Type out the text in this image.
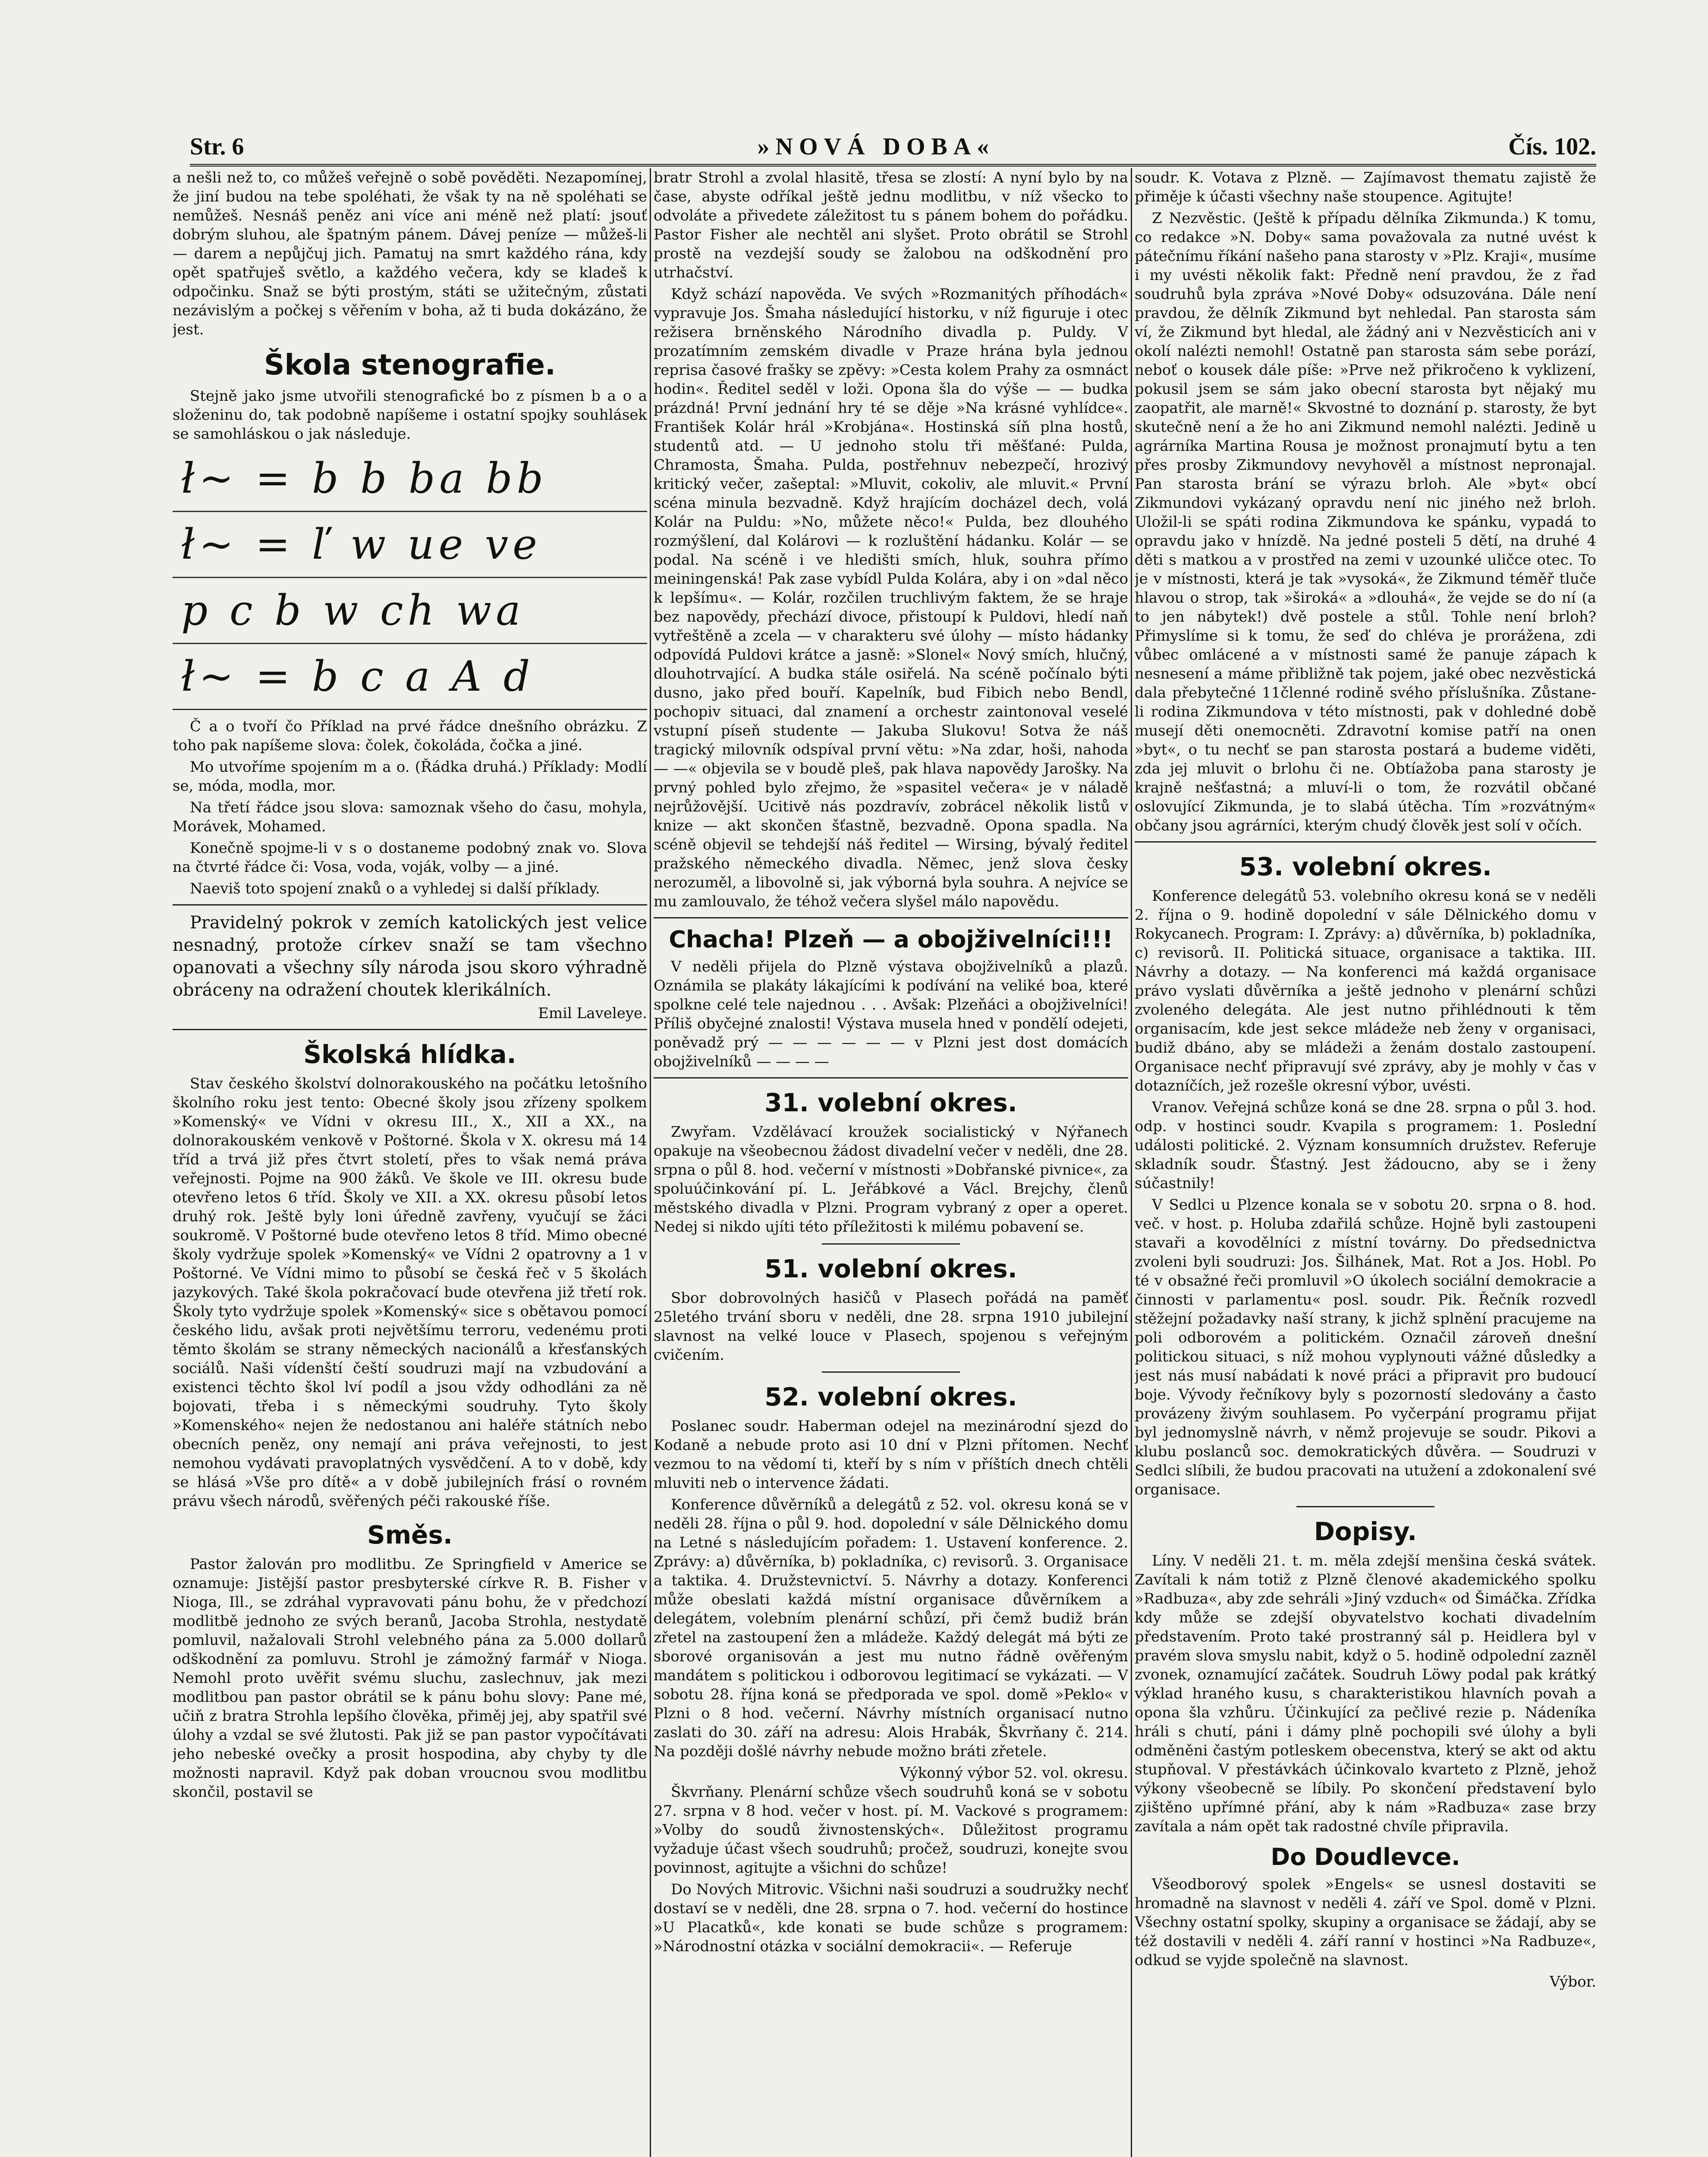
Str. 6	»NOVÁ DOBA«	Čís. 102.

a nešli než to, co můžeš veřejně o sobě pověděti. Nezapomínej, že jiní budou na tebe spoléhati, že však ty na ně spoléhati se nemůžeš. Nesnáš peněz ani více ani méně než platí: jsouť dobrým sluhou, ale špatným pánem. Dávej peníze — můžeš-li — darem a nepůjčuj jich. Pamatuj na smrt každého rána, kdy opět spatřuješ světlo, a každého večera, kdy se kladeš k odpočinku. Snaž se býti prostým, státi se užitečným, zůstati nezávislým a počkej s věřením v boha, až ti buda dokázáno, že jest.

Škola stenografie.

Stejně jako jsme utvořili stenografické bo z písmen b a o a složeninu do, tak podobně napíšeme i ostatní spojky souhlásek se samohláskou o jak následuje.

ł~ = b b ba bb
ł~ = ľ w ue ve
p c b w ch wa
ł~ = b c a A d

Č a o tvoří čo Příklad na prvé řádce dnešního obrázku. Z toho pak napíšeme slova: čolek, čokoláda, čočka a jiné.

Mo utvoříme spojením m a o. (Řádka druhá.) Příklady: Modlí se, móda, modla, mor.

Na třetí řádce jsou slova: samoznak všeho do času, mohyla, Morávek, Mohamed.

Konečně spojme-li v s o dostaneme podobný znak vo. Slova na čtvrté řádce či: Vosa, voda, voják, volby — a jiné.

Naeviš toto spojení znaků o a vyhledej si další příklady.

Pravidelný pokrok v zemích katolických jest velice nesnadný, protože církev snaží se tam všechno opanovati a všechny síly národa jsou skoro výhradně obráceny na odražení choutek klerikálních.

Emil Laveleye.
Školská hlídka.

Stav českého školství dolnorakouského na počátku letošního školního roku jest tento: Obecné školy jsou zřízeny spolkem »Komenský« ve Vídni v okresu III., X., XII a XX., na dolnorakouském venkově v Poštorné. Škola v X. okresu má 14 tříd a trvá již přes čtvrt století, přes to však nemá práva veřejnosti. Pojme na 900 žáků. Ve škole ve III. okresu bude otevřeno letos 6 tříd. Školy ve XII. a XX. okresu působí letos druhý rok. Ještě byly loni úředně zavřeny, vyučují se žáci soukromě. V Poštorné bude otevřeno letos 8 tříd. Mimo obecné školy vydržuje spolek »Komenský« ve Vídni 2 opatrovny a 1 v Poštorné. Ve Vídni mimo to působí se česká řeč v 5 školách jazykových. Také škola pokračovací bude otevřena již třetí rok. Školy tyto vydržuje spolek »Komenský« sice s obětavou pomocí českého lidu, avšak proti největšímu terroru, vedenému proti těmto školám se strany německých nacionálů a křesťanských sociálů. Naši vídenští čeští soudruzi mají na vzbudování a existenci těchto škol lví podíl a jsou vždy odhodláni za ně bojovati, třeba i s německými soudruhy. Tyto školy »Komenského« nejen že nedostanou ani haléře státních nebo obecních peněz, ony nemají ani práva veřejnosti, to jest nemohou vydávati pravoplatných vysvědčení. A to v době, kdy se hlásá »Vše pro dítě« a v době jubilejních frásí o rovném právu všech národů, svěřených péči rakouské říše.

Směs.

Pastor žalován pro modlitbu. Ze Springfield v Americe se oznamuje: Jistější pastor presbyterské církve R. B. Fisher v Nioga, Ill., se zdráhal vypravovati pánu bohu, že v předchozí modlitbě jednoho ze svých beranů, Jacoba Strohla, nestydatě pomluvil, nažalovali Strohl velebného pána za 5.000 dollarů odškodnění za pomluvu. Strohl je zámožný farmář v Nioga. Nemohl proto uvěřit svému sluchu, zaslechnuv, jak mezi modlitbou pan pastor obrátil se k pánu bohu slovy: Pane mé, učiň z bratra Strohla lepšího člověka, přiměj jej, aby spatřil své úlohy a vzdal se své žlutosti. Pak již se pan pastor vypočítávati jeho nebeské ovečky a prosit hospodina, aby chyby ty dle možnosti napravil. Když pak doban vroucnou svou modlitbu skončil, postavil se

bratr Strohl a zvolal hlasitě, třesa se zlostí: A nyní bylo by na čase, abyste odříkal ještě jednu modlitbu, v níž všecko to odvoláte a přivedete záležitost tu s pánem bohem do pořádku. Pastor Fisher ale nechtěl ani slyšet. Proto obrátil se Strohl prostě na vezdejší soudy se žalobou na odškodnění pro utrhačství.

Když schází napověda. Ve svých »Rozmanitých příhodách« vypravuje Jos. Šmaha následující historku, v níž figuruje i otec režisera brněnského Národního divadla p. Puldy. V prozatímním zemském divadle v Praze hrána byla jednou reprisa časové frašky se zpěvy: »Cesta kolem Prahy za osmnáct hodin«. Ředitel seděl v loži. Opona šla do výše — — budka prázdná! První jednání hry té se děje »Na krásné vyhlídce«. František Kolár hrál »Krobjána«. Hostinská síň plna hostů, studentů atd. — U jednoho stolu tři měšťané: Pulda, Chramosta, Šmaha. Pulda, postřehnuv nebezpečí, hrozivý kritický večer, zašeptal: »Mluvit, cokoliv, ale mluvit.« První scéna minula bezvadně. Když hrajícím docházel dech, volá Kolár na Puldu: »No, můžete něco!« Pulda, bez dlouhého rozmýšlení, dal Kolárovi — k rozluštění hádanku. Kolár — se podal. Na scéně i ve hledišti smích, hluk, souhra přímo meiningenská! Pak zase vybídl Pulda Kolára, aby i on »dal něco k lepšímu«. — Kolár, rozčilen truchlivým faktem, že se hraje bez napovědy, přechází divoce, přistoupí k Puldovi, hledí naň vytřeštěně a zcela — v charakteru své úlohy — místo hádanky odpovídá Puldovi krátce a jasně: »Slonel« Nový smích, hlučný, dlouhotrvající. A budka stále osiřelá. Na scéně počínalo býti dusno, jako před bouří. Kapelník, bud Fibich nebo Bendl, pochopiv situaci, dal znamení a orchestr zaintonoval veselé vstupní píseň studente — Jakuba Slukovu! Sotva že náš tragický milovník odspíval první větu: »Na zdar, hoši, nahoda — —« objevila se v boudě pleš, pak hlava napovědy Jarošky. Na prvný pohled bylo zřejmo, že »spasitel večera« je v náladě nejrůžovější. Ucitivě nás pozdravív, zobrácel několik listů v knize — akt skončen šťastně, bezvadně. Opona spadla. Na scéně objevil se tehdejší náš ředitel — Wirsing, bývalý ředitel pražského německého divadla. Němec, jenž slova česky nerozuměl, a libovolně si, jak výborná byla souhra. A nejvíce se mu zamlouvalo, že téhož večera slyšel málo napovědu.

Chacha! Plzeň — a obojživelníci!!!

V neděli přijela do Plzně výstava obojživelníků a plazů. Oznámila se plakáty lákajícími k podívání na veliké boa, které spolkne celé tele najednou . . . Avšak: Plzeňáci a obojživelníci! Příliš obyčejné znalosti! Výstava musela hned v pondělí odejeti, poněvadž prý — — — — — — v Plzni jest dost domácích obojživelníků — — — —

31. volební okres.

Zwyřam. Vzdělávací kroužek socialistický v Nýřanech opakuje na všeobecnou žádost divadelní večer v neděli, dne 28. srpna o půl 8. hod. večerní v místnosti »Dobřanské pivnice«, za spoluúčinkování pí. L. Jeřábkové a Václ. Brejchy, členů městského divadla v Plzni. Program vybraný z oper a operet. Nedej si nikdo ujíti této příležitosti k milému pobavení se.

51. volební okres.

Sbor dobrovolných hasičů v Plasech pořádá na paměť 25letého trvání sboru v neděli, dne 28. srpna 1910 jubilejní slavnost na velké louce v Plasech, spojenou s veřejným cvičením.

52. volební okres.

Poslanec soudr. Haberman odejel na mezinárodní sjezd do Kodaně a nebude proto asi 10 dní v Plzni přítomen. Nechť vezmou to na vědomí ti, kteří by s ním v příštích dnech chtěli mluviti neb o intervence žádati.

Konference důvěrníků a delegátů z 52. vol. okresu koná se v neděli 28. října o půl 9. hod. dopolední v sále Dělnického domu na Letné s následujícím pořadem: 1. Ustavení konference. 2. Zprávy: a) důvěrníka, b) pokladníka, c) revisorů. 3. Organisace a taktika. 4. Družstevnictví. 5. Návrhy a dotazy. Konferenci může obeslati každá místní organisace důvěrníkem a delegátem, volebním plenární schůzí, při čemž budiž brán zřetel na zastoupení žen a mládeže. Každý delegát má býti ze sborové organisován a jest mu nutno řádně ověřeným mandátem s politickou i odborovou legitimací se vykázati. — V sobotu 28. října koná se předporada ve spol. domě »Peklo« v Plzni o 8 hod. večerní. Návrhy místních organisací nutno zaslati do 30. září na adresu: Alois Hrabák, Škvrňany č. 214. Na později došlé návrhy nebude možno bráti zřetele.

Výkonný výbor 52. vol. okresu.

Škvrňany. Plenární schůze všech soudruhů koná se v sobotu 27. srpna v 8 hod. večer v host. pí. M. Vackové s programem: »Volby do soudů živnostenských«. Důležitost programu vyžaduje účast všech soudruhů; pročež, soudruzi, konejte svou povinnost, agitujte a všichni do schůze!

Do Nových Mitrovic. Všichni naši soudruzi a soudružky nechť dostaví se v neděli, dne 28. srpna o 7. hod. večerní do hostince »U Placatků«, kde konati se bude schůze s programem: »Národnostní otázka v sociální demokracii«. — Referuje

soudr. K. Votava z Plzně. — Zajímavost thematu zajistě že přiměje k účasti všechny naše stoupence. Agitujte!

Z Nezvěstic. (Ještě k případu dělníka Zikmunda.) K tomu, co redakce »N. Doby« sama považovala za nutné uvést k pátečnímu říkání našeho pana starosty v »Plz. Kraji«, musíme i my uvésti několik fakt: Předně není pravdou, že z řad soudruhů byla zpráva »Nové Doby« odsuzována. Dále není pravdou, že dělník Zikmund byt nehledal. Pan starosta sám ví, že Zikmund byt hledal, ale žádný ani v Nezvěsticích ani v okolí nalézti nemohl! Ostatně pan starosta sám sebe porází, neboť o kousek dále píše: »Prve než přikročeno k vyklizení, pokusil jsem se sám jako obecní starosta byt nějaký mu zaopatřit, ale marně!« Skvostné to doznání p. starosty, že byt skutečně není a že ho ani Zikmund nemohl nalézti. Jedině u agrárníka Martina Rousa je možnost pronajmutí bytu a ten přes prosby Zikmundovy nevyhověl a místnost nepronajal. Pan starosta brání se výrazu brloh. Ale »byt« obcí Zikmundovi vykázaný opravdu není nic jiného než brloh. Uložil-li se spáti rodina Zikmundova ke spánku, vypadá to opravdu jako v hnízdě. Na jedné posteli 5 dětí, na druhé 4 děti s matkou a v prostřed na zemi v uzounké uličce otec. To je v místnosti, která je tak »vysoká«, že Zikmund téměř tluče hlavou o strop, tak »široká« a »dlouhá«, že vejde se do ní (a to jen nábytek!) dvě postele a stůl. Tohle není brloh? Přimyslíme si k tomu, že seď do chléva je prorážena, zdi vůbec omlácené a v místnosti samé že panuje zápach k nesnesení a máme přibližně tak pojem, jaké obec nezvěstická dala přebytečné 11členné rodině svého příslušníka. Zůstane-li rodina Zikmundova v této místnosti, pak v dohledné době musejí děti onemocněti. Zdravotní komise patří na onen »byt«, o tu nechť se pan starosta postará a budeme viděti, zda jej mluvit o brlohu či ne. Obtíažoba pana starosty je krajně nešťastná; a mluví-li o tom, že rozvátil občané oslovující Zikmunda, je to slabá útěcha. Tím »rozvátným« občany jsou agrárníci, kterým chudý člověk jest solí v očích.

53. volební okres.

Konference delegátů 53. volebního okresu koná se v neděli 2. října o 9. hodině dopolední v sále Dělnického domu v Rokycanech. Program: I. Zprávy: a) důvěrníka, b) pokladníka, c) revisorů. II. Politická situace, organisace a taktika. III. Návrhy a dotazy. — Na konferenci má každá organisace právo vyslati důvěrníka a ještě jednoho v plenární schůzi zvoleného delegáta. Ale jest nutno přihlédnouti k těm organisacím, kde jest sekce mládeže neb ženy v organisaci, budiž dbáno, aby se mládeži a ženám dostalo zastoupení. Organisace nechť připravují své zprávy, aby je mohly v čas v dotazníčích, jež rozešle okresní výbor, uvésti.

Vranov. Veřejná schůze koná se dne 28. srpna o půl 3. hod. odp. v hostinci soudr. Kvapila s programem: 1. Poslední události politické. 2. Význam konsumních družstev. Referuje skladník soudr. Šťastný. Jest žádoucno, aby se i ženy súčastnily!

V Sedlci u Plzence konala se v sobotu 20. srpna o 8. hod. več. v host. p. Holuba zdařilá schůze. Hojně byli zastoupeni stavaři a kovodělníci z místní továrny. Do předsednictva zvoleni byli soudruzi: Jos. Šilhánek, Mat. Rot a Jos. Hobl. Po té v obsažné řeči promluvil »O úkolech sociální demokracie a činnosti v parlamentu« posl. soudr. Pik. Řečník rozvedl stěžejní požadavky naší strany, k jichž splnění pracujeme na poli odborovém a politickém. Označil zároveň dnešní politickou situaci, s níž mohou vyplynouti vážné důsledky a jest nás musí nabádati k nové práci a připravit pro budoucí boje. Vývody řečníkovy byly s pozorností sledovány a často provázeny živým souhlasem. Po vyčerpání programu přijat byl jednomyslně návrh, v němž projevuje se soudr. Pikovi a klubu poslanců soc. demokratických důvěra. — Soudruzi v Sedlci slíbili, že budou pracovati na utužení a zdokonalení své organisace.

Dopisy.

Líny. V neděli 21. t. m. měla zdejší menšina česká svátek. Zavítali k nám totiž z Plzně členové akademického spolku »Radbuza«, aby zde sehráli »Jiný vzduch« od Šimáčka. Zřídka kdy může se zdejší obyvatelstvo kochati divadelním představením. Proto také prostranný sál p. Heidlera byl v pravém slova smyslu nabit, když o 5. hodině odpolední zazněl zvonek, oznamující začátek. Soudruh Löwy podal pak krátký výklad hraného kusu, s charakteristikou hlavních povah a opona šla vzhůru. Účinkující za pečlivé rezie p. Nádeníka hráli s chutí, páni i dámy plně pochopili své úlohy a byli odměněni častým potleskem obecenstva, který se akt od aktu stupňoval. V přestávkách účinkovalo kvarteto z Plzně, jehož výkony všeobecně se líbily. Po skončení představení bylo zjištěno upřímné přání, aby k nám »Radbuza« zase brzy zavítala a nám opět tak radostné chvíle připravila.

Do Doudlevce.

Všeodborový spolek »Engels« se usnesl dostaviti se hromadně na slavnost v neděli 4. září ve Spol. domě v Plzni. Všechny ostatní spolky, skupiny a organisace se žádají, aby se též dostavili v neděli 4. září ranní v hostinci »Na Radbuze«, odkud se vyjde společně na slavnost.

Výbor.
